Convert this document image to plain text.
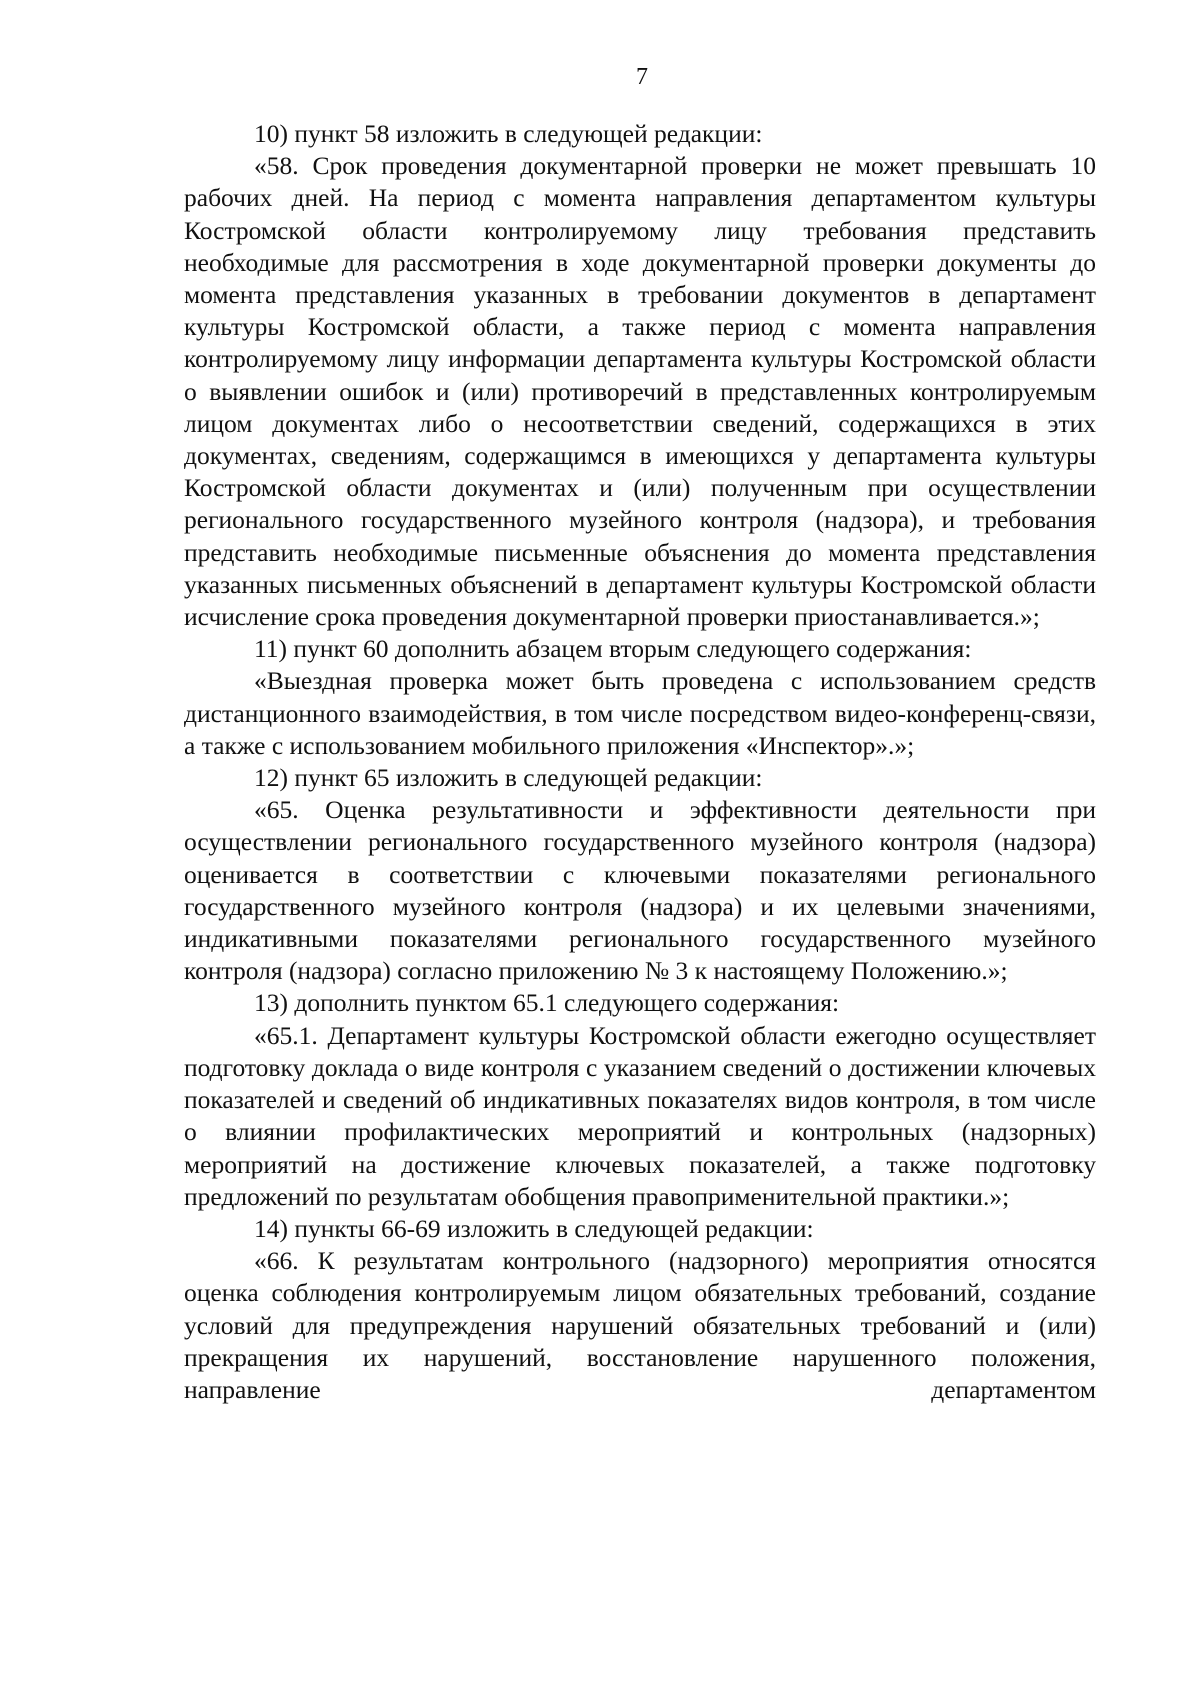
7

10) пункт 58 изложить в следующей редакции:

«58. Срок проведения документарной проверки не может превышать 10 рабочих дней. На период с момента направления департаментом культуры Костромской области контролируемому лицу требования представить необходимые для рассмотрения в ходе документарной проверки документы до момента представления указанных в требовании документов в департамент культуры Костромской области, а также период с момента направления контролируемому лицу информации департамента культуры Костромской области о выявлении ошибок и (или) противоречий в представленных контролируемым лицом документах либо о несоответствии сведений, содержащихся в этих документах, сведениям, содержащимся в имеющихся у департамента культуры Костромской области документах и (или) полученным при осуществлении регионального государственного музейного контроля (надзора), и требования представить необходимые письменные объяснения до момента представления указанных письменных объяснений в департамент культуры Костромской области исчисление срока проведения документарной проверки приостанавливается.»;

11) пункт 60 дополнить абзацем вторым следующего содержания:

«Выездная проверка может быть проведена с использованием средств дистанционного взаимодействия, в том числе посредством видео-конференц-связи, а также с использованием мобильного приложения «Инспектор».»;

12) пункт 65 изложить в следующей редакции:

«65. Оценка результативности и эффективности деятельности при осуществлении регионального государственного музейного контроля (надзора) оценивается в соответствии с ключевыми показателями регионального государственного музейного контроля (надзора) и их целевыми значениями, индикативными показателями регионального государственного музейного контроля (надзора) согласно приложению № 3 к настоящему Положению.»;

13) дополнить пунктом 65.1 следующего содержания:

«65.1. Департамент культуры Костромской области ежегодно осуществляет подготовку доклада о виде контроля с указанием сведений о достижении ключевых показателей и сведений об индикативных показателях видов контроля, в том числе о влиянии профилактических мероприятий и контрольных (надзорных) мероприятий на достижение ключевых показателей, а также подготовку предложений по результатам обобщения правоприменительной практики.»;

14) пункты 66-69 изложить в следующей редакции:

«66. К результатам контрольного (надзорного) мероприятия относятся оценка соблюдения контролируемым лицом обязательных требований, создание условий для предупреждения нарушений обязательных требований и (или) прекращения их нарушений, восстановление нарушенного положения, направление департаментом
